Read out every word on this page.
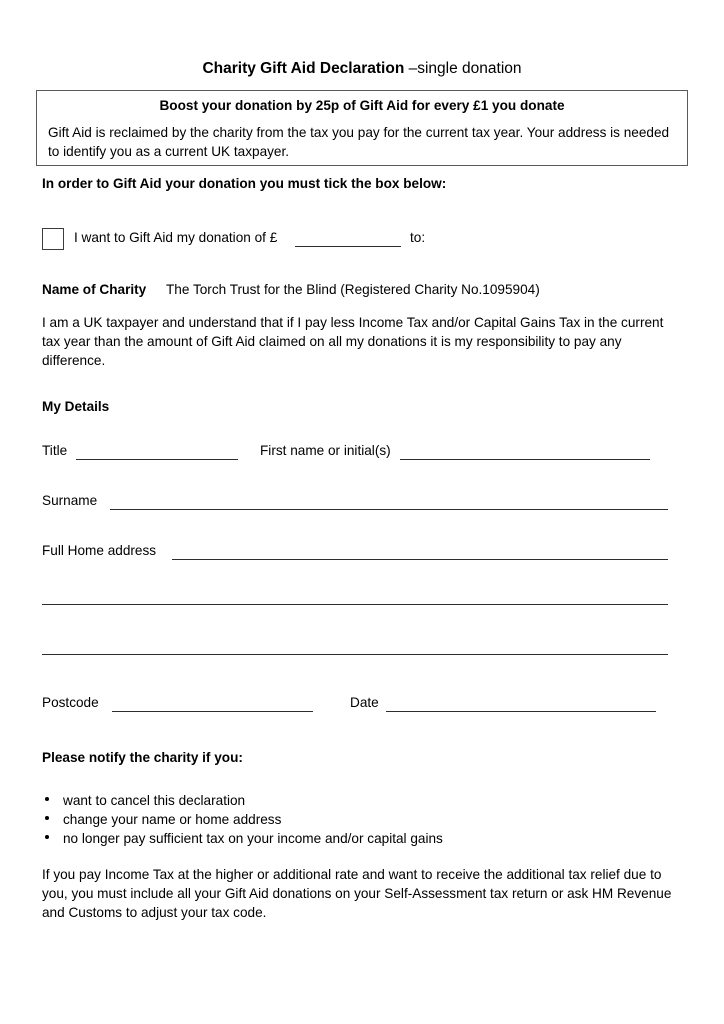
Charity Gift Aid Declaration –single donation
Boost your donation by 25p of Gift Aid for every £1 you donate
Gift Aid is reclaimed by the charity from the tax you pay for the current tax year. Your address is needed to identify you as a current UK taxpayer.
In order to Gift Aid your donation you must tick the box below:
I want to Gift Aid my donation of £	to:
Name of Charity The Torch Trust for the Blind (Registered Charity No.1095904)
I am a UK taxpayer and understand that if I pay less Income Tax and/or Capital Gains Tax in the current tax year than the amount of Gift Aid claimed on all my donations it is my responsibility to pay any difference.
My Details
Title	First name or initial(s)
Surname
Full Home address
Postcode	Date
Please notify the charity if you:
want to cancel this declaration
change your name or home address
no longer pay sufficient tax on your income and/or capital gains
If you pay Income Tax at the higher or additional rate and want to receive the additional tax relief due to you, you must include all your Gift Aid donations on your Self-Assessment tax return or ask HM Revenue and Customs to adjust your tax code.
